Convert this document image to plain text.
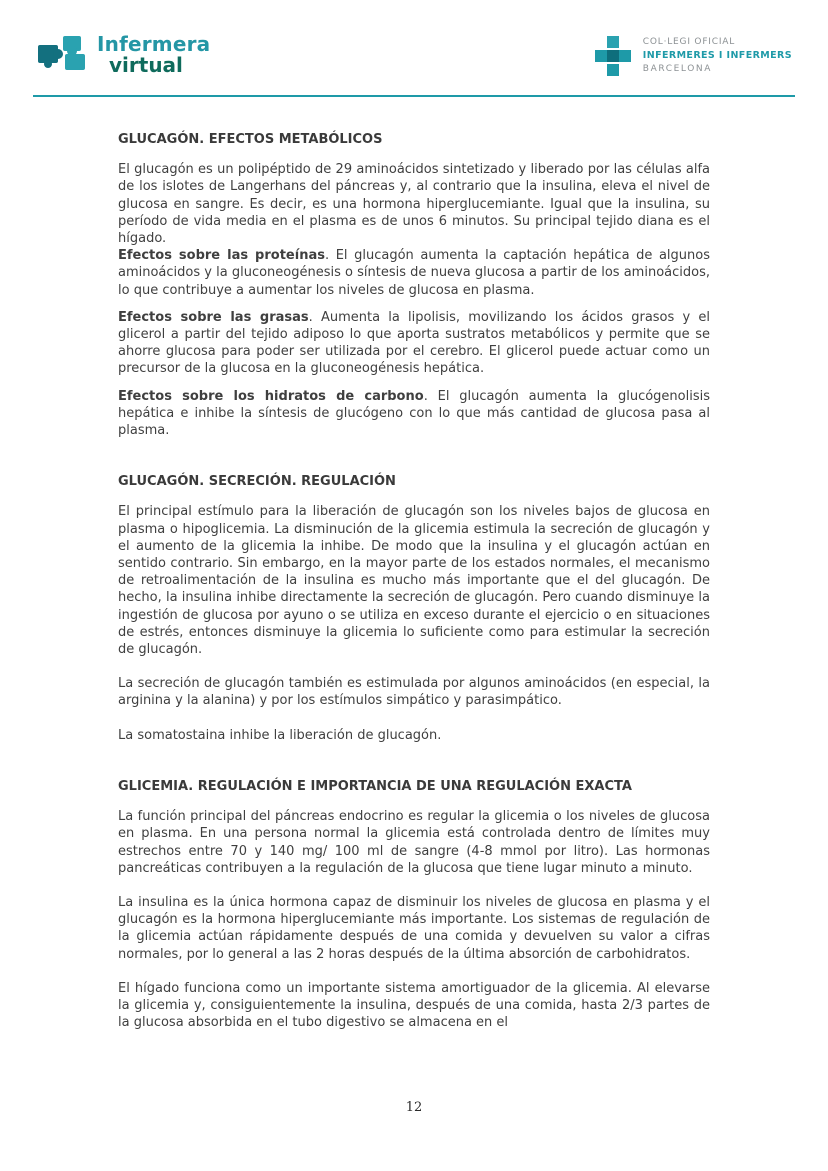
Infermera
virtual
COL·LEGI OFICIAL
INFERMERES I INFERMERS
BARCELONA
GLUCAGÓN. EFECTOS METABÓLICOS

El glucagón es un polipéptido de 29 aminoácidos sintetizado y liberado por las células alfa de los islotes de Langerhans del páncreas y, al contrario que la insulina, eleva el nivel de glucosa en sangre. Es decir, es una hormona hiperglucemiante. Igual que la insulina, su período de vida media en el plasma es de unos 6 minutos. Su principal tejido diana es el hígado.

Efectos sobre las proteínas. El glucagón aumenta la captación hepática de algunos aminoácidos y la gluconeogénesis o síntesis de nueva glucosa a partir de los aminoácidos, lo que contribuye a aumentar los niveles de glucosa en plasma.

Efectos sobre las grasas. Aumenta la lipolisis, movilizando los ácidos grasos y el glicerol a partir del tejido adiposo lo que aporta sustratos metabólicos y permite que se ahorre glucosa para poder ser utilizada por el cerebro. El glicerol puede actuar como un precursor de la glucosa en la gluconeogénesis hepática.

Efectos sobre los hidratos de carbono. El glucagón aumenta la glucógenolisis hepática e inhibe la síntesis de glucógeno con lo que más cantidad de glucosa pasa al plasma.

GLUCAGÓN. SECRECIÓN. REGULACIÓN

El principal estímulo para la liberación de glucagón son los niveles bajos de glucosa en plasma o hipoglicemia. La disminución de la glicemia estimula la secreción de glucagón y el aumento de la glicemia la inhibe. De modo que la insulina y el glucagón actúan en sentido contrario. Sin embargo, en la mayor parte de los estados normales, el mecanismo de retroalimentación de la insulina es mucho más importante que el del glucagón. De hecho, la insulina inhibe directamente la secreción de glucagón. Pero cuando disminuye la ingestión de glucosa por ayuno o se utiliza en exceso durante el ejercicio o en situaciones de estrés, entonces disminuye la glicemia lo suficiente como para estimular la secreción de glucagón.

La secreción de glucagón también es estimulada por algunos aminoácidos (en especial, la arginina y la alanina) y por los estímulos simpático y parasimpático.

La somatostaina inhibe la liberación de glucagón.

GLICEMIA. REGULACIÓN E IMPORTANCIA DE UNA REGULACIÓN EXACTA

La función principal del páncreas endocrino es regular la glicemia o los niveles de glucosa en plasma. En una persona normal la glicemia está controlada dentro de límites muy estrechos entre 70 y 140 mg/ 100 ml de sangre (4-8 mmol por litro). Las hormonas pancreáticas contribuyen a la regulación de la glucosa que tiene lugar minuto a minuto.

La insulina es la única hormona capaz de disminuir los niveles de glucosa en plasma y el glucagón es la hormona hiperglucemiante más importante. Los sistemas de regulación de la glicemia actúan rápidamente después de una comida y devuelven su valor a cifras normales, por lo general a las 2 horas después de la última absorción de carbohidratos.

El hígado funciona como un importante sistema amortiguador de la glicemia. Al elevarse la glicemia y, consiguientemente la insulina, después de una comida, hasta 2/3 partes de la glucosa absorbida en el tubo digestivo se almacena en el

12
